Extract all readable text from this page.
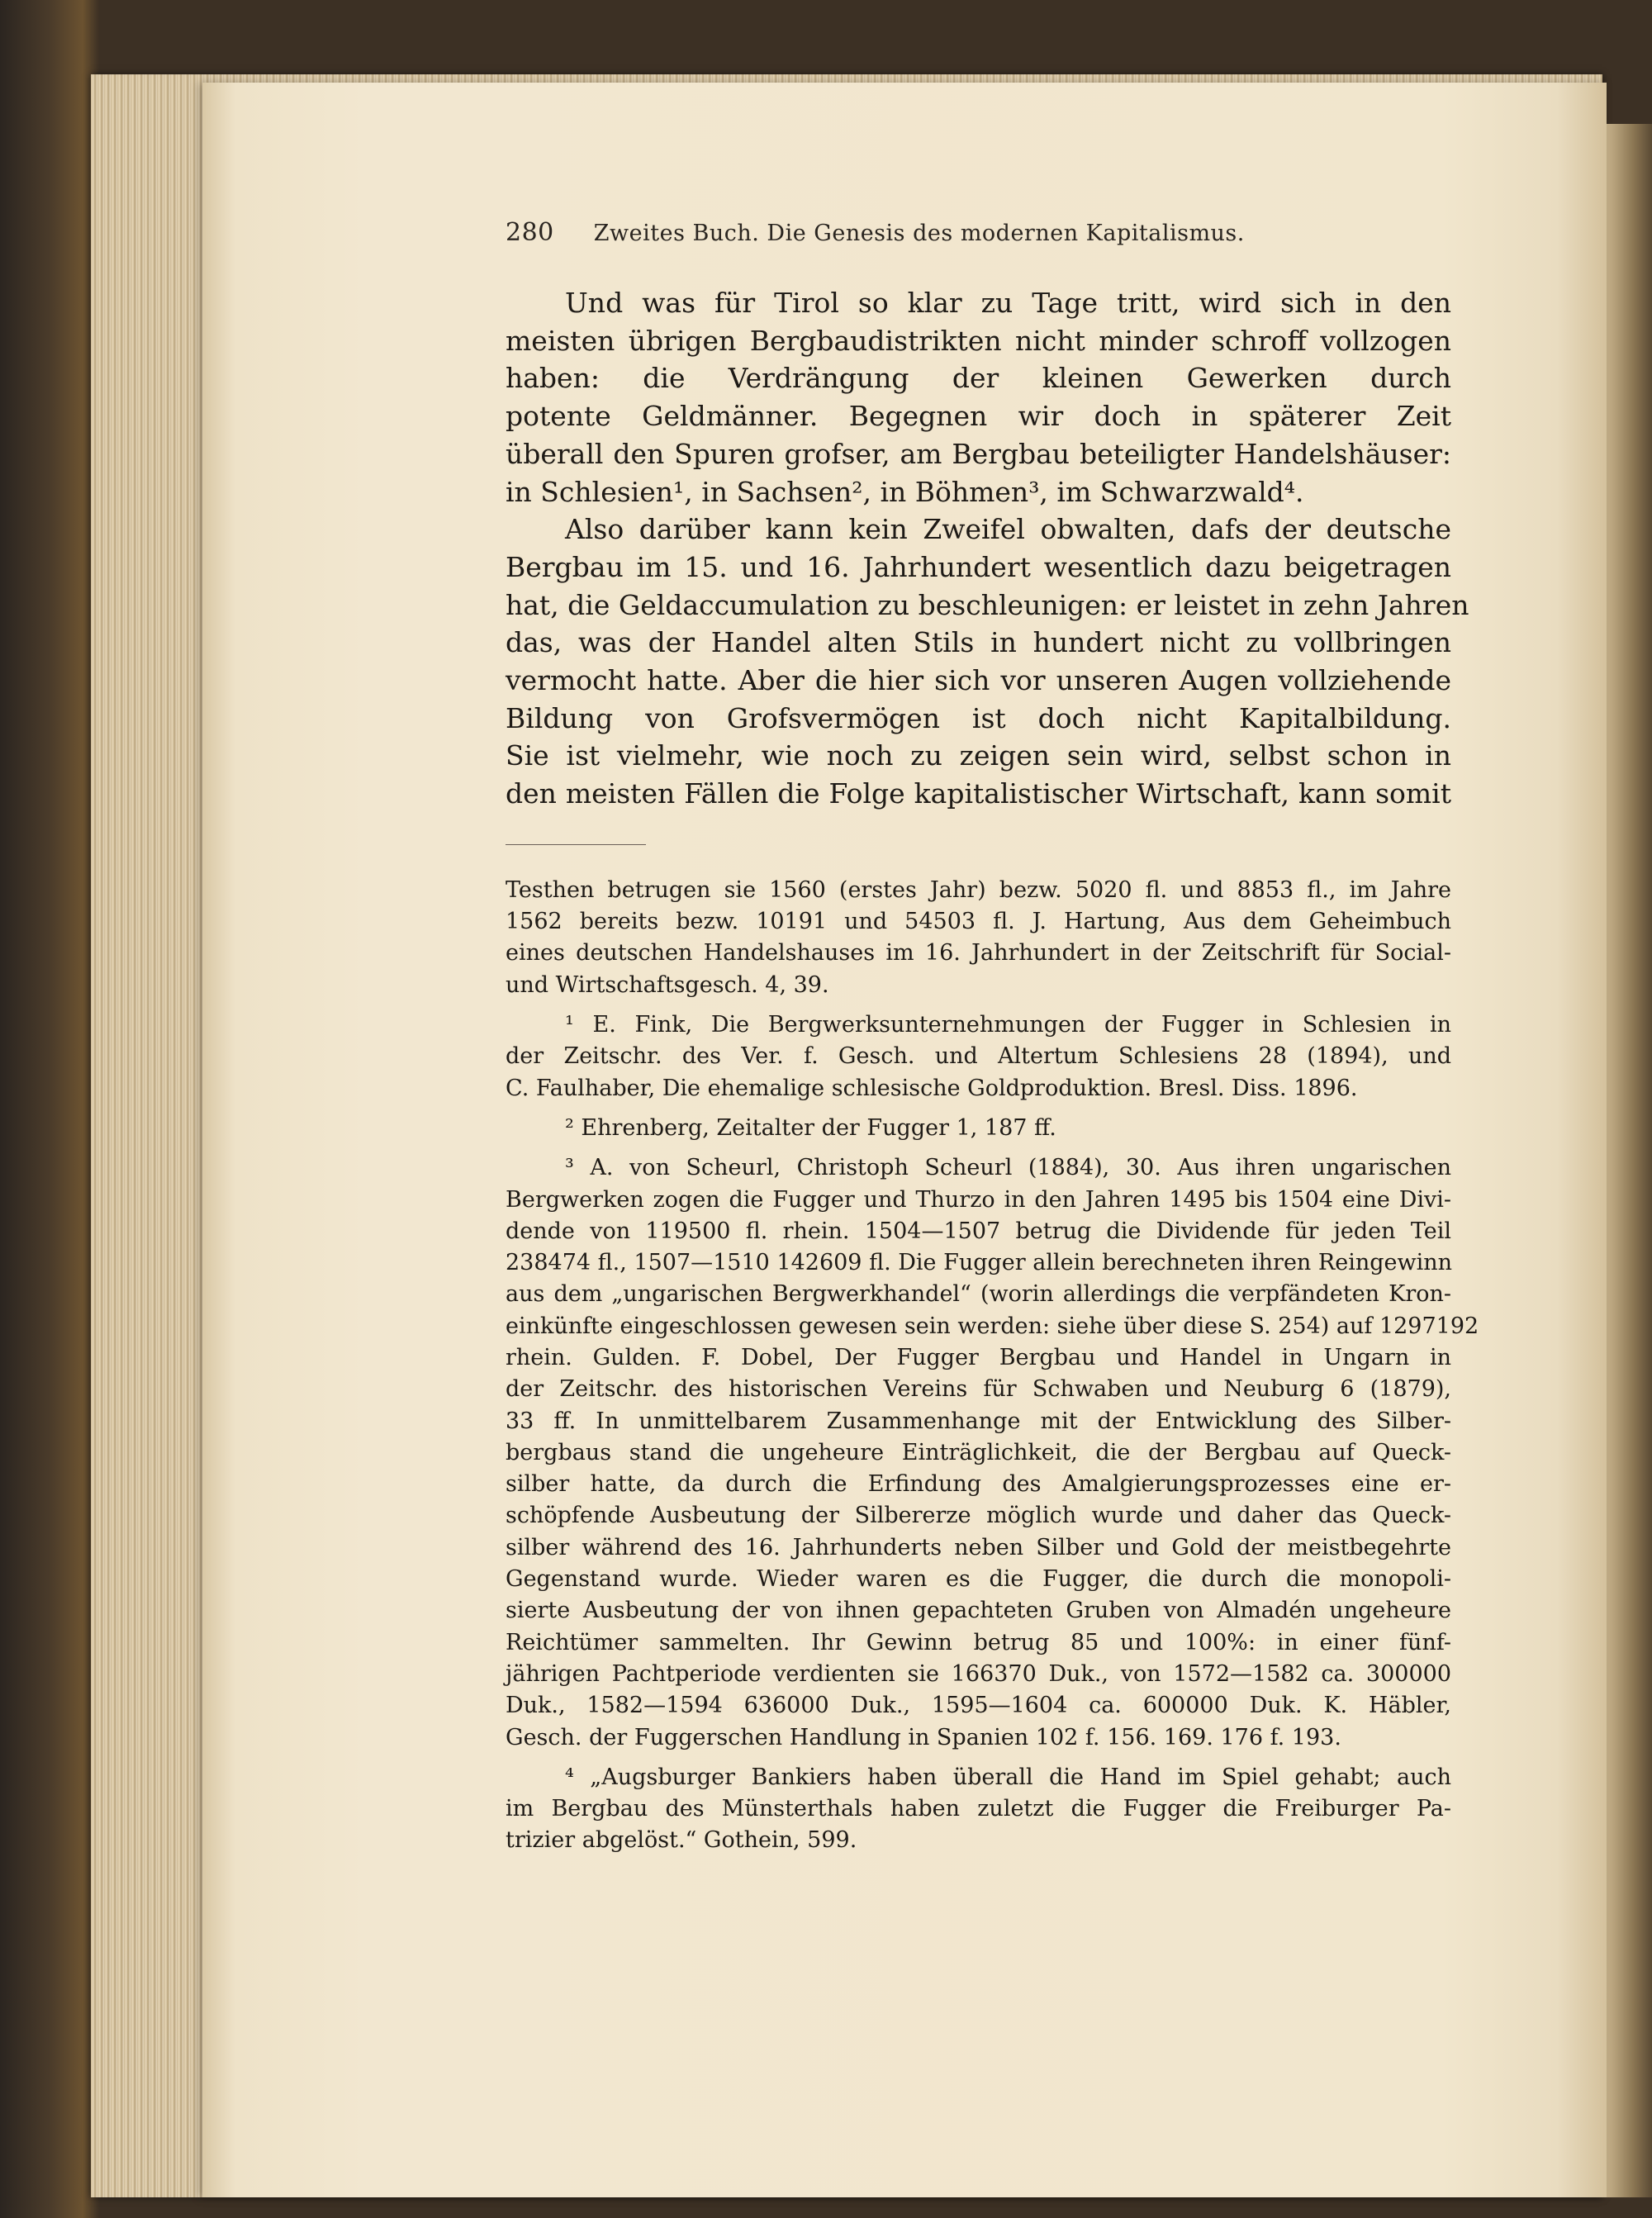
280 Zweites Buch. Die Genesis des modernen Kapitalismus.
Und was für Tirol so klar zu Tage tritt, wird sich in den
meisten übrigen Bergbaudistrikten nicht minder schroff vollzogen
haben: die Verdrängung der kleinen Gewerken durch
potente Geldmänner. Begegnen wir doch in späterer Zeit
überall den Spuren grofser, am Bergbau beteiligter Handelshäuser:
in Schlesien¹, in Sachsen², in Böhmen³, im Schwarzwald⁴.
Also darüber kann kein Zweifel obwalten, dafs der deutsche
Bergbau im 15. und 16. Jahrhundert wesentlich dazu beigetragen
hat, die Geldaccumulation zu beschleunigen: er leistet in zehn Jahren
das, was der Handel alten Stils in hundert nicht zu vollbringen
vermocht hatte. Aber die hier sich vor unseren Augen vollziehende
Bildung von Grofsvermögen ist doch nicht Kapitalbildung.
Sie ist vielmehr, wie noch zu zeigen sein wird, selbst schon in
den meisten Fällen die Folge kapitalistischer Wirtschaft, kann somit
Testhen betrugen sie 1560 (erstes Jahr) bezw. 5020 fl. und 8853 fl., im Jahre
1562 bereits bezw. 10191 und 54503 fl. J. Hartung, Aus dem Geheimbuch
eines deutschen Handelshauses im 16. Jahrhundert in der Zeitschrift für Social-
und Wirtschaftsgesch. 4, 39.
¹ E. Fink, Die Bergwerksunternehmungen der Fugger in Schlesien in
der Zeitschr. des Ver. f. Gesch. und Altertum Schlesiens 28 (1894), und
C. Faulhaber, Die ehemalige schlesische Goldproduktion. Bresl. Diss. 1896.
² Ehrenberg, Zeitalter der Fugger 1, 187 ff.
³ A. von Scheurl, Christoph Scheurl (1884), 30. Aus ihren ungarischen
Bergwerken zogen die Fugger und Thurzo in den Jahren 1495 bis 1504 eine Divi-
dende von 119500 fl. rhein. 1504—1507 betrug die Dividende für jeden Teil
238474 fl., 1507—1510 142609 fl. Die Fugger allein berechneten ihren Reingewinn
aus dem „ungarischen Bergwerkhandel“ (worin allerdings die verpfändeten Kron-
einkünfte eingeschlossen gewesen sein werden: siehe über diese S. 254) auf 1297192
rhein. Gulden. F. Dobel, Der Fugger Bergbau und Handel in Ungarn in
der Zeitschr. des historischen Vereins für Schwaben und Neuburg 6 (1879),
33 ff. In unmittelbarem Zusammenhange mit der Entwicklung des Silber-
bergbaus stand die ungeheure Einträglichkeit, die der Bergbau auf Queck-
silber hatte, da durch die Erfindung des Amalgierungsprozesses eine er-
schöpfende Ausbeutung der Silbererze möglich wurde und daher das Queck-
silber während des 16. Jahrhunderts neben Silber und Gold der meistbegehrte
Gegenstand wurde. Wieder waren es die Fugger, die durch die monopoli-
sierte Ausbeutung der von ihnen gepachteten Gruben von Almadén ungeheure
Reichtümer sammelten. Ihr Gewinn betrug 85 und 100%: in einer fünf-
jährigen Pachtperiode verdienten sie 166370 Duk., von 1572—1582 ca. 300000
Duk., 1582—1594 636000 Duk., 1595—1604 ca. 600000 Duk. K. Häbler,
Gesch. der Fuggerschen Handlung in Spanien 102 f. 156. 169. 176 f. 193.
⁴ „Augsburger Bankiers haben überall die Hand im Spiel gehabt; auch
im Bergbau des Münsterthals haben zuletzt die Fugger die Freiburger Pa-
trizier abgelöst.“ Gothein, 599.
